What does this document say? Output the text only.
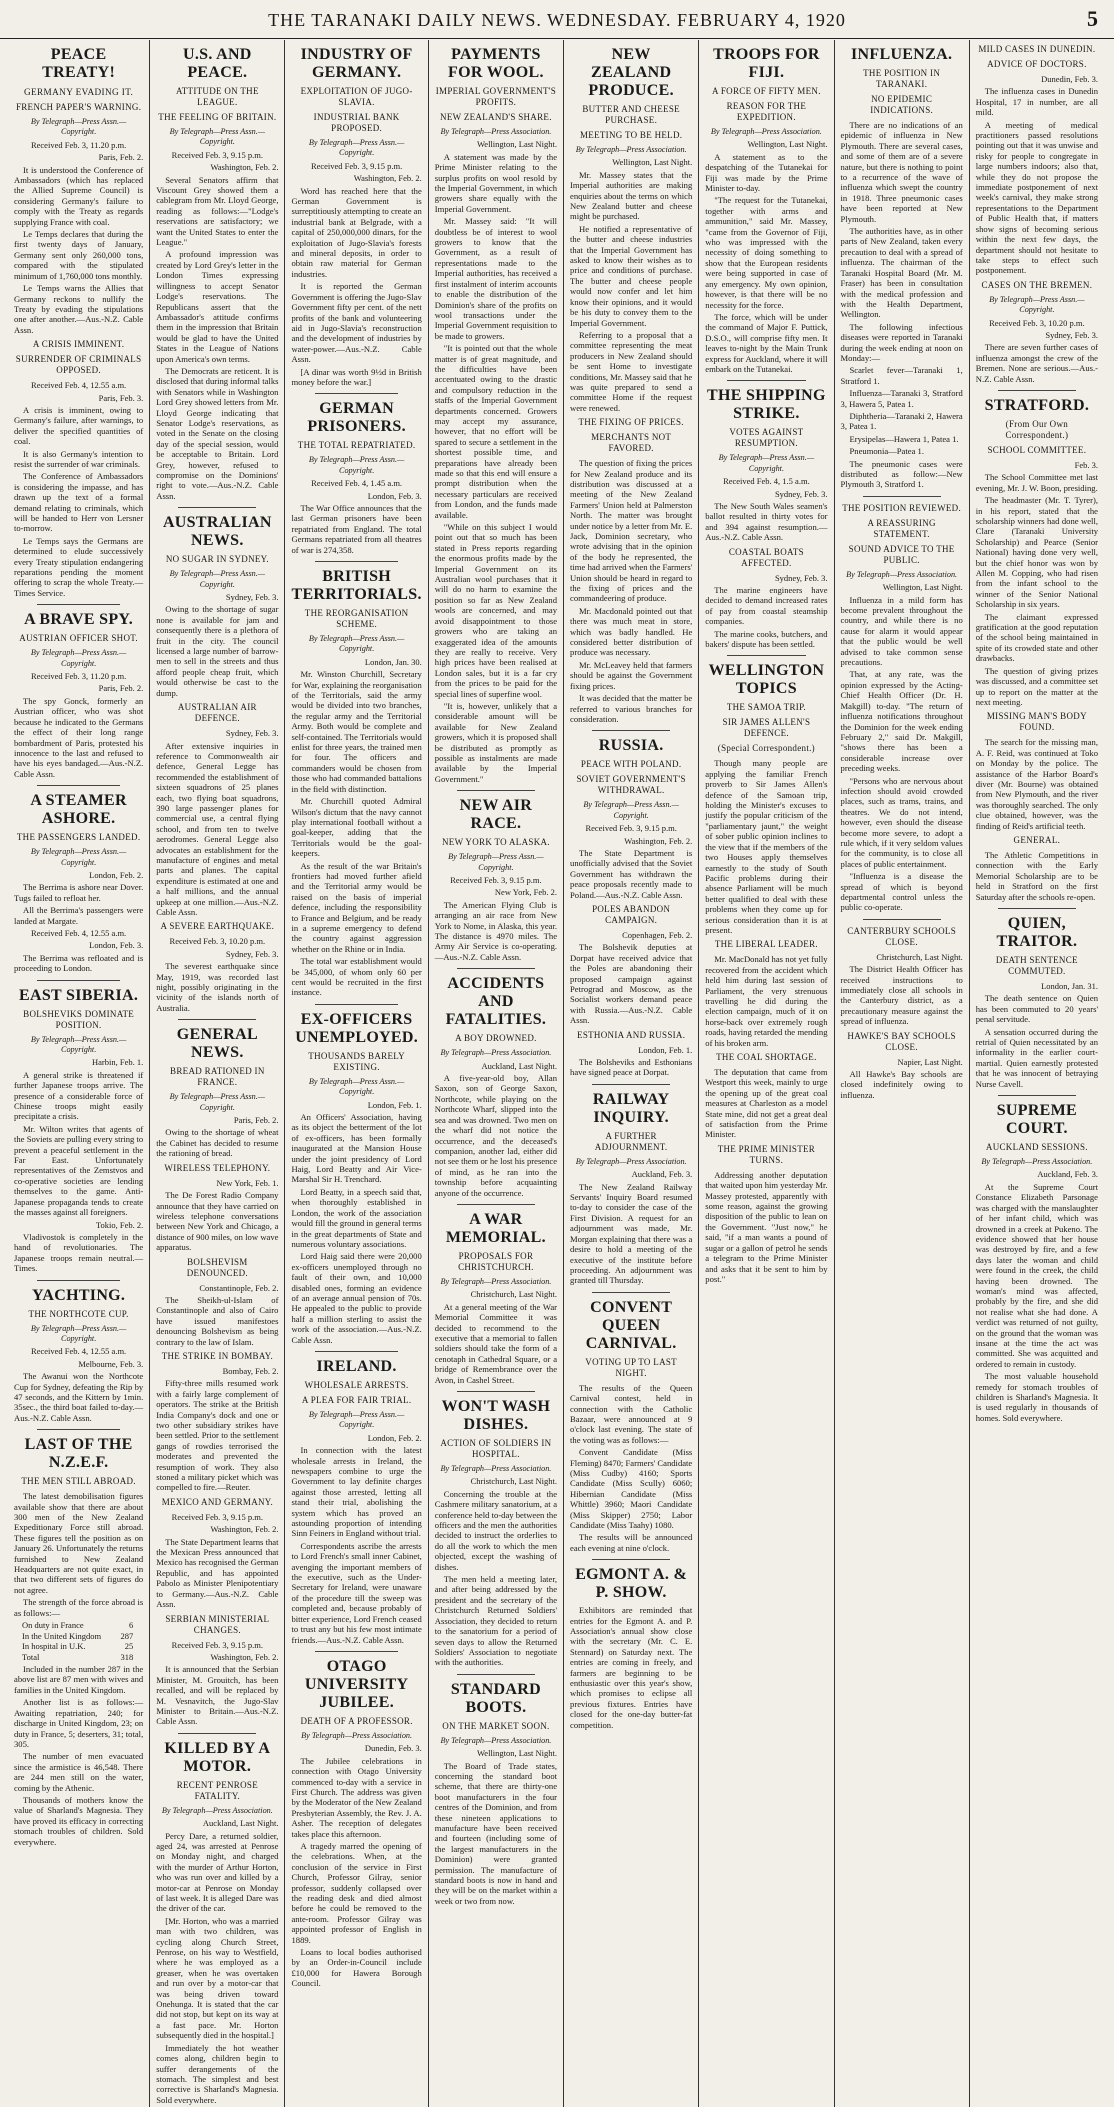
THE TARANAKI DAILY NEWS. WEDNESDAY. FEBRUARY 4, 1920	5
PEACE TREATY!
GERMANY EVADING IT.
FRENCH PAPER'S WARNING.
By Telegraph—Press Assn.—Copyright.
Received Feb. 3, 11.20 p.m.
Paris, Feb. 2.

It is understood the Conference of Ambassadors (which has replaced the Allied Supreme Council) is considering Germany's failure to comply with the Treaty as regards supplying France with coal.

Le Temps declares that during the first twenty days of January, Germany sent only 260,000 tons, compared with the stipulated minimum of 1,760,000 tons monthly.

Le Temps warns the Allies that Germany reckons to nullify the Treaty by evading the stipulations one after another.—Aus.-N.Z. Cable Assn.

A CRISIS IMMINENT.
SURRENDER OF CRIMINALS OPPOSED.
Received Feb. 4, 12.55 a.m.
Paris, Feb. 3.

A crisis is imminent, owing to Germany's failure, after warnings, to deliver the specified quantities of coal.

It is also Germany's intention to resist the surrender of war criminals.

The Conference of Ambassadors is considering the impasse, and has drawn up the text of a formal demand relating to criminals, which will be handed to Herr von Lersner to-morrow.

Le Temps says the Germans are determined to elude successively every Treaty stipulation endangering reparations pending the moment offering to scrap the whole Treaty.—Times Service.

A BRAVE SPY.
AUSTRIAN OFFICER SHOT.
By Telegraph—Press Assn.—Copyright.
Received Feb. 3, 11.20 p.m.
Paris, Feb. 2.

The spy Gonck, formerly an Austrian officer, who was shot because he indicated to the Germans the effect of their long range bombardment of Paris, protested his innocence to the last and refused to have his eyes bandaged.—Aus.-N.Z. Cable Assn.

A STEAMER ASHORE.
THE PASSENGERS LANDED.
By Telegraph—Press Assn.—Copyright.
London, Feb. 2.

The Berrima is ashore near Dover. Tugs failed to refloat her.

All the Berrima's passengers were landed at Margate.

Received Feb. 4, 12.55 a.m.
London, Feb. 3.

The Berrima was refloated and is proceeding to London.

EAST SIBERIA.
BOLSHEVIKS DOMINATE POSITION.
By Telegraph—Press Assn.—Copyright.
Harbin, Feb. 1.

A general strike is threatened if further Japanese troops arrive. The presence of a considerable force of Chinese troops might easily precipitate a crisis.

Mr. Wilton writes that agents of the Soviets are pulling every string to prevent a peaceful settlement in the Far East. Unfortunately representatives of the Zemstvos and co-operative societies are lending themselves to the game. Anti-Japanese propaganda tends to create the masses against all foreigners.

Tokio, Feb. 2.

Vladivostok is completely in the hand of revolutionaries. The Japanese troops remain neutral.—Times.

YACHTING.
THE NORTHCOTE CUP.
By Telegraph—Press Assn.—Copyright.
Received Feb. 4, 12.55 a.m.
Melbourne, Feb. 3.

The Awanui won the Northcote Cup for Sydney, defeating the Rip by 47 seconds, and the Kittern by 1min. 35sec., the third boat failed to-day.—Aus.-N.Z. Cable Assn.

LAST OF THE N.Z.E.F.
THE MEN STILL ABROAD.

The latest demobilisation figures available show that there are about 300 men of the New Zealand Expeditionary Force still abroad. These figures tell the position as on January 26. Unfortunately the returns furnished to New Zealand Headquarters are not quite exact, in that two different sets of figures do not agree.

The strength of the force abroad is as follows:—

On duty in France	6
In the United Kingdom	287
In hospital in U.K.	25
Total	318

Included in the number 287 in the above list are 87 men with wives and families in the United Kingdom.

Another list is as follows:—Awaiting repatriation, 240; for discharge in United Kingdom, 23; on duty in France, 5; deserters, 31; total, 305.

The number of men evacuated since the armistice is 46,548. There are 244 men still on the water, coming by the Athenic.

Thousands of mothers know the value of Sharland's Magnesia. They have proved its efficacy in correcting stomach troubles of children. Sold everywhere.

U.S. AND PEACE.
ATTITUDE ON THE LEAGUE.
THE FEELING OF BRITAIN.
By Telegraph—Press Assn.—Copyright.
Received Feb. 3, 9.15 p.m.
Washington, Feb. 2.

Several Senators affirm that Viscount Grey showed them a cablegram from Mr. Lloyd George, reading as follows:—"Lodge's reservations are satisfactory; we want the United States to enter the League."

A profound impression was created by Lord Grey's letter in the London Times expressing willingness to accept Senator Lodge's reservations. The Republicans assert that the Ambassador's attitude confirms them in the impression that Britain would be glad to have the United States in the League of Nations upon America's own terms.

The Democrats are reticent. It is disclosed that during informal talks with Senators while in Washington Lord Grey showed letters from Mr. Lloyd George indicating that Senator Lodge's reservations, as voted in the Senate on the closing day of the special session, would be acceptable to Britain. Lord Grey, however, refused to compromise on the Dominions' right to vote.—Aus.-N.Z. Cable Assn.

AUSTRALIAN NEWS.
NO SUGAR IN SYDNEY.
By Telegraph—Press Assn.—Copyright.
Sydney, Feb. 3.

Owing to the shortage of sugar none is available for jam and consequently there is a plethora of fruit in the city. The council licensed a large number of barrow-men to sell in the streets and thus afford people cheap fruit, which would otherwise be cast to the dump.

AUSTRALIAN AIR DEFENCE.
Sydney, Feb. 3.

After extensive inquiries in reference to Commonwealth air defence, General Legge has recommended the establishment of sixteen squadrons of 25 planes each, two flying boat squadrons, 390 large passenger planes for commercial use, a central flying school, and from ten to twelve aerodromes. General Legge also advocates an establishment for the manufacture of engines and metal parts and planes. The capital expenditure is estimated at one and a half millions, and the annual upkeep at one million.—Aus.-N.Z. Cable Assn.

A SEVERE EARTHQUAKE.
Received Feb. 3, 10.20 p.m.
Sydney, Feb. 3.

The severest earthquake since May, 1919, was recorded last night, possibly originating in the vicinity of the islands north of Australia.

GENERAL NEWS.
BREAD RATIONED IN FRANCE.
By Telegraph—Press Assn.—Copyright.
Paris, Feb. 2.

Owing to the shortage of wheat the Cabinet has decided to resume the rationing of bread.

WIRELESS TELEPHONY.
New York, Feb. 1.

The De Forest Radio Company announce that they have carried on wireless telephone conversations between New York and Chicago, a distance of 900 miles, on low wave apparatus.

BOLSHEVISM DENOUNCED.
Constantinople, Feb. 2.

The Sheikh-ul-Islam of Constantinople and also of Cairo have issued manifestoes denouncing Bolshevism as being contrary to the law of Islam.

THE STRIKE IN BOMBAY.
Bombay, Feb. 2.

Fifty-three mills resumed work with a fairly large complement of operators. The strike at the British India Company's dock and one or two other subsidiary strikes have been settled. Prior to the settlement gangs of rowdies terrorised the moderates and prevented the resumption of work. They also stoned a military picket which was compelled to fire.—Reuter.

MEXICO AND GERMANY.
Received Feb. 3, 9.15 p.m.
Washington, Feb. 2.

The State Department learns that the Mexican Press announced that Mexico has recognised the German Republic, and has appointed Pabolo as Minister Plenipotentiary to Germany.—Aus.-N.Z. Cable Assn.

SERBIAN MINISTERIAL CHANGES.
Received Feb. 3, 9.15 p.m.
Washington, Feb. 2.

It is announced that the Serbian Minister, M. Grouitch, has been recalled, and will be replaced by M. Vesnavitch, the Jugo-Slav Minister to Britain.—Aus.-N.Z. Cable Assn.

KILLED BY A MOTOR.
RECENT PENROSE FATALITY.
By Telegraph—Press Association.
Auckland, Last Night.

Percy Dare, a returned soldier, aged 24, was arrested at Penrose on Monday night, and charged with the murder of Arthur Horton, who was run over and killed by a motor-car at Penrose on Monday of last week. It is alleged Dare was the driver of the car.

[Mr. Horton, who was a married man with two children, was cycling along Church Street, Penrose, on his way to Westfield, where he was employed as a greaser, when he was overtaken and run over by a motor-car that was being driven toward Onehunga. It is stated that the car did not stop, but kept on its way at a fast pace. Mr. Horton subsequently died in the hospital.]

Immediately the hot weather comes along, children begin to suffer derangements of the stomach. The simplest and best corrective is Sharland's Magnesia. Sold everywhere.

INDUSTRY OF GERMANY.
EXPLOITATION OF JUGO-SLAVIA.
INDUSTRIAL BANK PROPOSED.
By Telegraph—Press Assn.—Copyright.
Received Feb. 3, 9.15 p.m.
Washington, Feb. 2.

Word has reached here that the German Government is surreptitiously attempting to create an industrial bank at Belgrade, with a capital of 250,000,000 dinars, for the exploitation of Jugo-Slavia's forests and mineral deposits, in order to obtain raw material for German industries.

It is reported the German Government is offering the Jugo-Slav Government fifty per cent. of the nett profits of the bank and volunteering aid in Jugo-Slavia's reconstruction and the development of industries by water-power.—Aus.-N.Z. Cable Assn.

[A dinar was worth 9½d in British money before the war.]

GERMAN PRISONERS.
THE TOTAL REPATRIATED.
By Telegraph—Press Assn.—Copyright.
Received Feb. 4, 1.45 a.m.
London, Feb. 3.

The War Office announces that the last German prisoners have been repatriated from England. The total Germans repatriated from all theatres of war is 274,358.

BRITISH TERRITORIALS.
THE REORGANISATION SCHEME.
By Telegraph—Press Assn.—Copyright.
London, Jan. 30.

Mr. Winston Churchill, Secretary for War, explaining the reorganisation of the Territorials, said the army would be divided into two branches, the regular army and the Territorial Army. Both would be complete and self-contained. The Territorials would enlist for three years, the trained men for four. The officers and commanders would be chosen from those who had commanded battalions in the field with distinction.

Mr. Churchill quoted Admiral Wilson's dictum that the navy cannot play international football without a goal-keeper, adding that the Territorials would be the goal-keepers.

As the result of the war Britain's frontiers had moved further afield and the Territorial army would be raised on the basis of imperial defence, including the responsibility to France and Belgium, and be ready in a supreme emergency to defend the country against aggression whether on the Rhine or in India.

The total war establishment would be 345,000, of whom only 60 per cent would be recruited in the first instance.

EX-OFFICERS UNEMPLOYED.
THOUSANDS BARELY EXISTING.
By Telegraph—Press Assn.—Copyright.
London, Feb. 1.

An Officers' Association, having as its object the betterment of the lot of ex-officers, has been formally inaugurated at the Mansion House under the joint presidency of Lord Haig, Lord Beatty and Air Vice-Marshal Sir H. Trenchard.

Lord Beatty, in a speech said that, when thoroughly established in London, the work of the association would fill the ground in general terms in the great departments of State and numerous voluntary associations.

Lord Haig said there were 20,000 ex-officers unemployed through no fault of their own, and 10,000 disabled ones, forming an evidence of an average annual pension of 70s. He appealed to the public to provide half a million sterling to assist the work of the association.—Aus.-N.Z. Cable Assn.

IRELAND.
WHOLESALE ARRESTS.
A PLEA FOR FAIR TRIAL.
By Telegraph—Press Assn.—Copyright.
London, Feb. 2.

In connection with the latest wholesale arrests in Ireland, the newspapers combine to urge the Government to lay definite charges against those arrested, letting all stand their trial, abolishing the system which has proved an astounding proportion of intending Sinn Feiners in England without trial.

Correspondents ascribe the arrests to Lord French's small inner Cabinet, avenging the important members of the executive, such as the Under-Secretary for Ireland, were unaware of the procedure till the sweep was completed and, because probably of bitter experience, Lord French ceased to trust any but his few most intimate friends.—Aus.-N.Z. Cable Assn.

OTAGO UNIVERSITY JUBILEE.
DEATH OF A PROFESSOR.
By Telegraph—Press Association.
Dunedin, Feb. 3.

The Jubilee celebrations in connection with Otago University commenced to-day with a service in First Church. The address was given by the Moderator of the New Zealand Presbyterian Assembly, the Rev. J. A. Asher. The reception of delegates takes place this afternoon.

A tragedy marred the opening of the celebrations. When, at the conclusion of the service in First Church, Professor Gilray, senior professor, suddenly collapsed over the reading desk and died almost before he could be removed to the ante-room. Professor Gilray was appointed professor of English in 1889.

Loans to local bodies authorised by an Order-in-Council include £10,000 for Hawera Borough Council.

PAYMENTS FOR WOOL.
IMPERIAL GOVERNMENT'S PROFITS.
NEW ZEALAND'S SHARE.
By Telegraph—Press Association.
Wellington, Last Night.

A statement was made by the Prime Minister relating to the surplus profits on wool resold by the Imperial Government, in which growers share equally with the Imperial Government.

Mr. Massey said: "It will doubtless be of interest to wool growers to know that the Government, as a result of representations made to the Imperial authorities, has received a first instalment of interim accounts to enable the distribution of the Dominion's share of the profits on wool transactions under the Imperial Government requisition to be made to growers.

"It is pointed out that the whole matter is of great magnitude, and the difficulties have been accentuated owing to the drastic and compulsory reduction in the staffs of the Imperial Government departments concerned. Growers may accept my assurance, however, that no effort will be spared to secure a settlement in the shortest possible time, and preparations have already been made so that this end will ensure a prompt distribution when the necessary particulars are received from London, and the funds made available.

"While on this subject I would point out that so much has been stated in Press reports regarding the enormous profits made by the Imperial Government on its Australian wool purchases that it will do no harm to examine the position so far as New Zealand wools are concerned, and may avoid disappointment to those growers who are taking an exaggerated idea of the amounts they are really to receive. Very high prices have been realised at London sales, but it is a far cry from the prices to be paid for the special lines of superfine wool.

"It is, however, unlikely that a considerable amount will be available for New Zealand growers, which it is proposed shall be distributed as promptly as possible as instalments are made available by the Imperial Government."

NEW AIR RACE.
NEW YORK TO ALASKA.
By Telegraph—Press Assn.—Copyright.
Received Feb. 3, 9.15 p.m.
New York, Feb. 2.

The American Flying Club is arranging an air race from New York to Nome, in Alaska, this year. The distance is 4970 miles. The Army Air Service is co-operating.—Aus.-N.Z. Cable Assn.

ACCIDENTS AND FATALITIES.
A BOY DROWNED.
By Telegraph—Press Association.
Auckland, Last Night.

A five-year-old boy, Allan Saxon, son of George Saxon, Northcote, while playing on the Northcote Wharf, slipped into the sea and was drowned. Two men on the wharf did not notice the occurrence, and the deceased's companion, another lad, either did not see them or he lost his presence of mind, as he ran into the township before acquainting anyone of the occurrence.

A WAR MEMORIAL.
PROPOSALS FOR CHRISTCHURCH.
By Telegraph—Press Association.
Christchurch, Last Night.

At a general meeting of the War Memorial Committee it was decided to recommend to the executive that a memorial to fallen soldiers should take the form of a cenotaph in Cathedral Square, or a bridge of Remembrance over the Avon, in Cashel Street.

WON'T WASH DISHES.
ACTION OF SOLDIERS IN HOSPITAL.
By Telegraph—Press Association.
Christchurch, Last Night.

Concerning the trouble at the Cashmere military sanatorium, at a conference held to-day between the officers and the men the authorities decided to instruct the orderlies to do all the work to which the men objected, except the washing of dishes.

The men held a meeting later, and after being addressed by the president and the secretary of the Christchurch Returned Soldiers' Association, they decided to return to the sanatorium for a period of seven days to allow the Returned Soldiers' Association to negotiate with the authorities.

STANDARD BOOTS.
ON THE MARKET SOON.
By Telegraph—Press Association.
Wellington, Last Night.

The Board of Trade states, concerning the standard boot scheme, that there are thirty-one boot manufacturers in the four centres of the Dominion, and from these nineteen applications to manufacture have been received and fourteen (including some of the largest manufacturers in the Dominion) were granted permission. The manufacture of standard boots is now in hand and they will be on the market within a week or two from now.

NEW ZEALAND PRODUCE.
BUTTER AND CHEESE PURCHASE.
MEETING TO BE HELD.
By Telegraph—Press Association.
Wellington, Last Night.

Mr. Massey states that the Imperial authorities are making enquiries about the terms on which New Zealand butter and cheese might be purchased.

He notified a representative of the butter and cheese industries that the Imperial Government has asked to know their wishes as to price and conditions of purchase. The butter and cheese people would now confer and let him know their opinions, and it would be his duty to convey them to the Imperial Government.

Referring to a proposal that a committee representing the meat producers in New Zealand should be sent Home to investigate conditions, Mr. Massey said that he was quite prepared to send a committee Home if the request were renewed.

THE FIXING OF PRICES.
MERCHANTS NOT FAVORED.

The question of fixing the prices for New Zealand produce and its distribution was discussed at a meeting of the New Zealand Farmers' Union held at Palmerston North. The matter was brought under notice by a letter from Mr. E. Jack, Dominion secretary, who wrote advising that in the opinion of the body he represented, the time had arrived when the Farmers' Union should be heard in regard to the fixing of prices and the commandeering of produce.

Mr. Macdonald pointed out that there was much meat in store, which was badly handled. He considered better distribution of produce was necessary.

Mr. McLeavey held that farmers should be against the Government fixing prices.

It was decided that the matter be referred to various branches for consideration.

RUSSIA.
PEACE WITH POLAND.
SOVIET GOVERNMENT'S WITHDRAWAL.
By Telegraph—Press Assn.—Copyright.
Received Feb. 3, 9.15 p.m.
Washington, Feb. 2.

The State Department is unofficially advised that the Soviet Government has withdrawn the peace proposals recently made to Poland.—Aus.-N.Z. Cable Assn.

POLES ABANDON CAMPAIGN.
Copenhagen, Feb. 2.

The Bolshevik deputies at Dorpat have received advice that the Poles are abandoning their proposed campaign against Petrograd and Moscow, as the Socialist workers demand peace with Russia.—Aus.-N.Z. Cable Assn.

ESTHONIA AND RUSSIA.
London, Feb. 1.

The Bolsheviks and Esthonians have signed peace at Dorpat.

RAILWAY INQUIRY.
A FURTHER ADJOURNMENT.
By Telegraph—Press Association.
Auckland, Feb. 3.

The New Zealand Railway Servants' Inquiry Board resumed to-day to consider the case of the First Division. A request for an adjournment was made, Mr. Morgan explaining that there was a desire to hold a meeting of the executive of the institute before proceeding. An adjournment was granted till Thursday.

CONVENT QUEEN CARNIVAL.
VOTING UP TO LAST NIGHT.

The results of the Queen Carnival contest, held in connection with the Catholic Bazaar, were announced at 9 o'clock last evening. The state of the voting was as follows:—

Convent Candidate (Miss Fleming) 8470; Farmers' Candidate (Miss Cudby) 4160; Sports Candidate (Miss Scully) 6060; Hibernian Candidate (Miss Whittle) 3960; Maori Candidate (Miss Skipper) 2750; Labor Candidate (Miss Taahy) 1080.

The results will be announced each evening at nine o'clock.

EGMONT A. & P. SHOW.

Exhibitors are reminded that entries for the Egmont A. and P. Association's annual show close with the secretary (Mr. C. E. Stennard) on Saturday next. The entries are coming in freely, and farmers are beginning to be enthusiastic over this year's show, which promises to eclipse all previous fixtures. Entries have closed for the one-day butter-fat competition.

TROOPS FOR FIJI.
A FORCE OF FIFTY MEN.
REASON FOR THE EXPEDITION.
By Telegraph—Press Association.
Wellington, Last Night.

A statement as to the despatching of the Tutanekai for Fiji was made by the Prime Minister to-day.

"The request for the Tutanekai, together with arms and ammunition," said Mr. Massey, "came from the Governor of Fiji, who was impressed with the necessity of doing something to show that the European residents were being supported in case of any emergency. My own opinion, however, is that there will be no necessity for the force.

The force, which will be under the command of Major F. Puttick, D.S.O., will comprise fifty men. It leaves to-night by the Main Trunk express for Auckland, where it will embark on the Tutanekai.

THE SHIPPING STRIKE.
VOTES AGAINST RESUMPTION.
By Telegraph—Press Assn.—Copyright.
Received Feb. 4, 1.5 a.m.
Sydney, Feb. 3.

The New South Wales seamen's ballot resulted in thirty votes for and 394 against resumption.—Aus.-N.Z. Cable Assn.

COASTAL BOATS AFFECTED.
Sydney, Feb. 3.

The marine engineers have decided to demand increased rates of pay from coastal steamship companies.

The marine cooks, butchers, and bakers' dispute has been settled.

WELLINGTON TOPICS
THE SAMOA TRIP.
SIR JAMES ALLEN'S DEFENCE.
(Special Correspondent.)

Though many people are applying the familiar French proverb to Sir James Allen's defence of the Samoan trip, holding the Minister's excuses to justify the popular criticism of the "parliamentary jaunt," the weight of sober public opinion inclines to the view that if the members of the two Houses apply themselves earnestly to the study of South Pacific problems during their absence Parliament will be much better qualified to deal with these problems when they come up for serious consideration than it is at present.

THE LIBERAL LEADER.

Mr. MacDonald has not yet fully recovered from the accident which held him during last session of Parliament, the very strenuous travelling he did during the election campaign, much of it on horse-back over extremely rough roads, having retarded the mending of his broken arm.

THE COAL SHORTAGE.

The deputation that came from Westport this week, mainly to urge the opening up of the great coal measures at Charleston as a model State mine, did not get a great deal of satisfaction from the Prime Minister.

THE PRIME MINISTER TURNS.

Addressing another deputation that waited upon him yesterday Mr. Massey protested, apparently with some reason, against the growing disposition of the public to lean on the Government. "Just now," he said, "if a man wants a pound of sugar or a gallon of petrol he sends a telegram to the Prime Minister and asks that it be sent to him by post."

INFLUENZA.
THE POSITION IN TARANAKI.
NO EPIDEMIC INDICATIONS.

There are no indications of an epidemic of influenza in New Plymouth. There are several cases, and some of them are of a severe nature, but there is nothing to point to a recurrence of the wave of influenza which swept the country in 1918. Three pneumonic cases have been reported at New Plymouth.

The authorities have, as in other parts of New Zealand, taken every precaution to deal with a spread of influenza. The chairman of the Taranaki Hospital Board (Mr. M. Fraser) has been in consultation with the medical profession and with the Health Department, Wellington.

The following infectious diseases were reported in Taranaki during the week ending at noon on Monday:—

Scarlet fever—Taranaki 1, Stratford 1.

Influenza—Taranaki 3, Stratford 3, Hawera 5, Patea 1.

Diphtheria—Taranaki 2, Hawera 3, Patea 1.

Erysipelas—Hawera 1, Patea 1.

Pneumonia—Patea 1.

The pneumonic cases were distributed as follow:—New Plymouth 3, Stratford 1.

THE POSITION REVIEWED.
A REASSURING STATEMENT.
SOUND ADVICE TO THE PUBLIC.
By Telegraph—Press Association.
Wellington, Last Night.

Influenza in a mild form has become prevalent throughout the country, and while there is no cause for alarm it would appear that the public would be well advised to take common sense precautions.

That, at any rate, was the opinion expressed by the Acting-Chief Health Officer (Dr. H. Makgill) to-day. "The return of influenza notifications throughout the Dominion for the week ending February 2," said Dr. Makgill, "shows there has been a considerable increase over preceding weeks.

"Persons who are nervous about infection should avoid crowded places, such as trams, trains, and theatres. We do not intend, however, even should the disease become more severe, to adopt a rule which, if it very seldom values for the community, is to close all places of public entertainment.

"Influenza is a disease the spread of which is beyond departmental control unless the public co-operate.

CANTERBURY SCHOOLS CLOSE.
Christchurch, Last Night.

The District Health Officer has received instructions to immediately close all schools in the Canterbury district, as a precautionary measure against the spread of influenza.

HAWKE'S BAY SCHOOLS CLOSE.
Napier, Last Night.

All Hawke's Bay schools are closed indefinitely owing to influenza.

MILD CASES IN DUNEDIN.
ADVICE OF DOCTORS.
Dunedin, Feb. 3.

The influenza cases in Dunedin Hospital, 17 in number, are all mild.

A meeting of medical practitioners passed resolutions pointing out that it was unwise and risky for people to congregate in large numbers indoors; also that, while they do not propose the immediate postponement of next week's carnival, they make strong representations to the Department of Public Health that, if matters show signs of becoming serious within the next few days, the department should not hesitate to take steps to effect such postponement.

CASES ON THE BREMEN.
By Telegraph—Press Assn.—Copyright.
Received Feb. 3, 10.20 p.m.
Sydney, Feb. 3.

There are seven further cases of influenza amongst the crew of the Bremen. None are serious.—Aus.-N.Z. Cable Assn.

STRATFORD.
(From Our Own Correspondent.)
SCHOOL COMMITTEE.
Feb. 3.

The School Committee met last evening, Mr. J. W. Boon, presiding.

The headmaster (Mr. T. Tyrer), in his report, stated that the scholarship winners had done well, Clare (Taranaki University Scholarship) and Pearce (Senior National) having done very well, but the chief honor was won by Allen M. Copping, who had risen from the infant school to the winner of the Senior National Scholarship in six years.

The claimant expressed gratification at the good reputation of the school being maintained in spite of its crowded state and other drawbacks.

The question of giving prizes was discussed, and a committee set up to report on the matter at the next meeting.

MISSING MAN'S BODY FOUND.

The search for the missing man, A. F. Reid, was continued at Toko on Monday by the police. The assistance of the Harbor Board's diver (Mr. Bourne) was obtained from New Plymouth, and the river was thoroughly searched. The only clue obtained, however, was the finding of Reid's artificial teeth.

GENERAL.

The Athletic Competitions in connection with the Early Memorial Scholarship are to be held in Stratford on the first Saturday after the schools re-open.

QUIEN, TRAITOR.
DEATH SENTENCE COMMUTED.
London, Jan. 31.

The death sentence on Quien has been commuted to 20 years' penal servitude.

A sensation occurred during the retrial of Quien necessitated by an informality in the earlier court-martial. Quien earnestly protested that he was innocent of betraying Nurse Cavell.

SUPREME COURT.
AUCKLAND SESSIONS.
By Telegraph—Press Association.
Auckland, Feb. 3.

At the Supreme Court Constance Elizabeth Parsonage was charged with the manslaughter of her infant child, which was drowned in a creek at Pukeno. The evidence showed that her house was destroyed by fire, and a few days later the woman and child were found in the creek, the child having been drowned. The woman's mind was affected, probably by the fire, and she did not realise what she had done. A verdict was returned of not guilty, on the ground that the woman was insane at the time the act was committed. She was acquitted and ordered to remain in custody.

The most valuable household remedy for stomach troubles of children is Sharland's Magnesia. It is used regularly in thousands of homes. Sold everywhere.
